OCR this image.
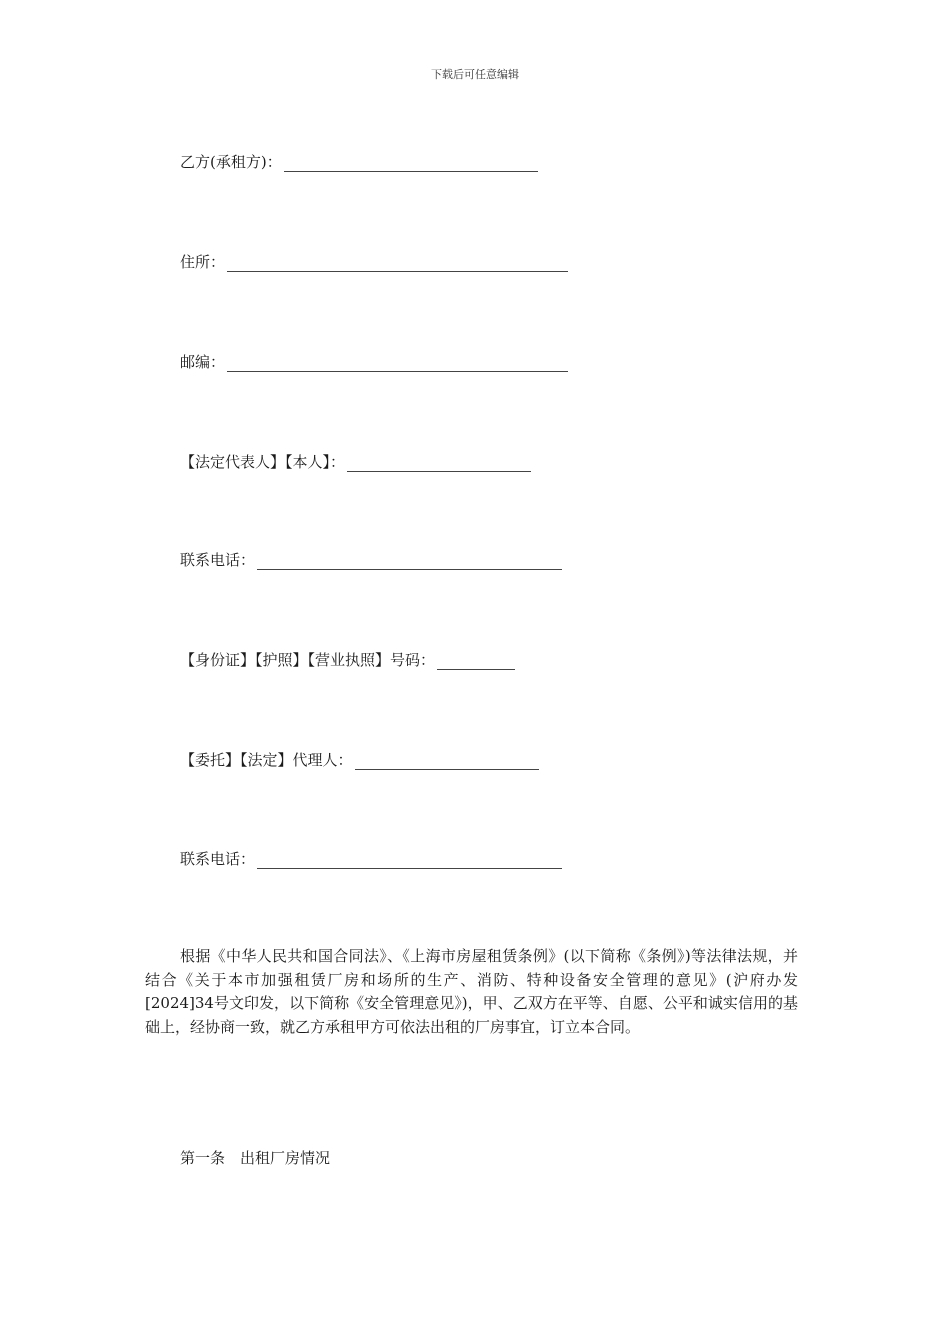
下载后可任意编辑
乙方(承租方)：
住所：
邮编：
【法定代表人】【本人】：
联系电话：
【身份证】【护照】【营业执照】号码：
【委托】【法定】代理人：
联系电话：
根据《中华人民共和国合同法》、《上海市房屋租赁条例》(以下简称《条例》)等法律法规，并结合《关于本市加强租赁厂房和场所的生产、消防、特种设备安全管理的意见》(沪府办发[2024]34号文印发，以下简称《安全管理意见》)，甲、乙双方在平等、自愿、公平和诚实信用的基础上，经协商一致，就乙方承租甲方可依法出租的厂房事宜，订立本合同。
第一条　出租厂房情况
